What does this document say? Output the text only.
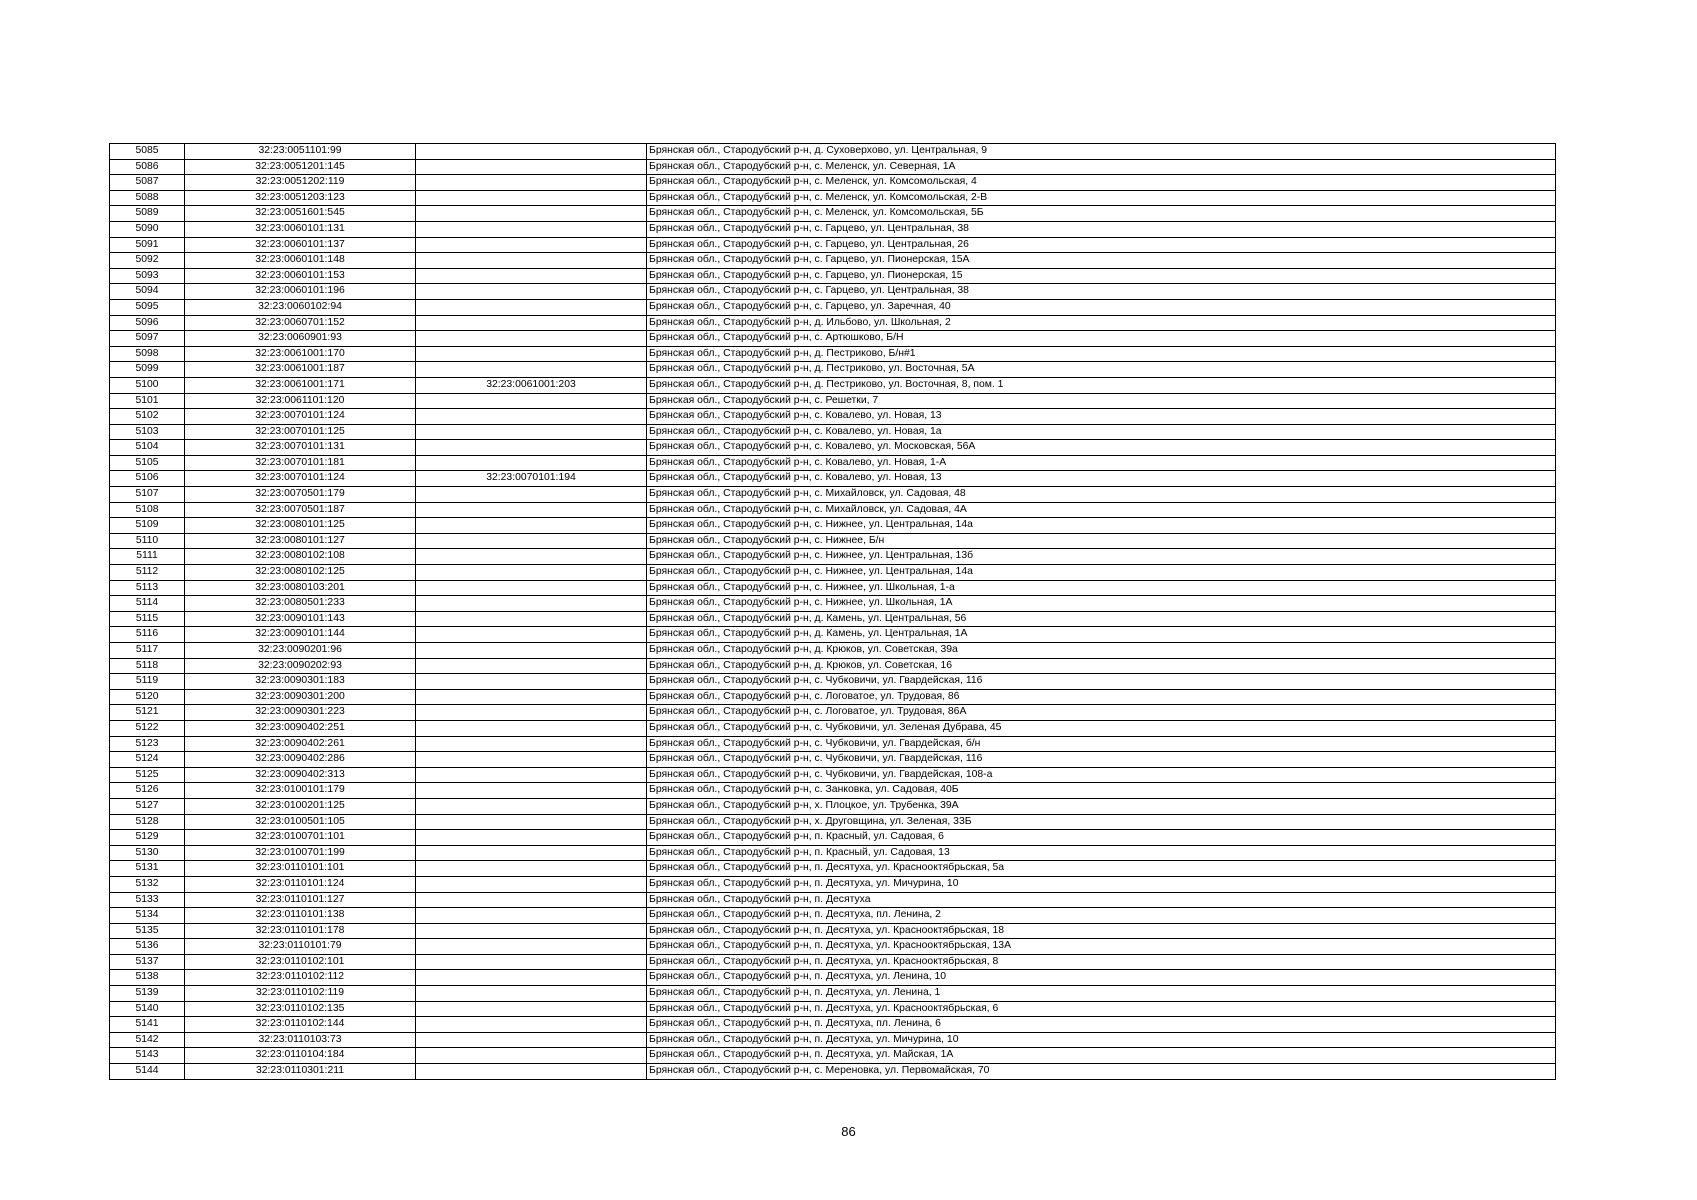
5085	32:23:0051101:99		Брянская обл., Стародубский р-н, д. Суховерхово, ул. Центральная, 9
5086	32:23:0051201:145		Брянская обл., Стародубский р-н, с. Меленск, ул. Северная, 1А
5087	32:23:0051202:119		Брянская обл., Стародубский р-н, с. Меленск, ул. Комсомольская, 4
5088	32:23:0051203:123		Брянская обл., Стародубский р-н, с. Меленск, ул. Комсомольская, 2-В
5089	32:23:0051601:545		Брянская обл., Стародубский р-н, с. Меленск, ул. Комсомольская, 5Б
5090	32:23:0060101:131		Брянская обл., Стародубский р-н, с. Гарцево, ул. Центральная, 38
5091	32:23:0060101:137		Брянская обл., Стародубский р-н, с. Гарцево, ул. Центральная, 26
5092	32:23:0060101:148		Брянская обл., Стародубский р-н, с. Гарцево, ул. Пионерская, 15А
5093	32:23:0060101:153		Брянская обл., Стародубский р-н, с. Гарцево, ул. Пионерская, 15
5094	32:23:0060101:196		Брянская обл., Стародубский р-н, с. Гарцево, ул. Центральная, 38
5095	32:23:0060102:94		Брянская обл., Стародубский р-н, с. Гарцево, ул. Заречная, 40
5096	32:23:0060701:152		Брянская обл., Стародубский р-н, д. Ильбово, ул. Школьная, 2
5097	32:23:0060901:93		Брянская обл., Стародубский р-н, с. Артюшково, Б/Н
5098	32:23:0061001:170		Брянская обл., Стародубский р-н, д. Пестриково, Б/н#1
5099	32:23:0061001:187		Брянская обл., Стародубский р-н, д. Пестриково, ул. Восточная, 5А
5100	32:23:0061001:171	32:23:0061001:203	Брянская обл., Стародубский р-н, д. Пестриково, ул. Восточная, 8, пом. 1
5101	32:23:0061101:120		Брянская обл., Стародубский р-н, с. Решетки, 7
5102	32:23:0070101:124		Брянская обл., Стародубский р-н, с. Ковалево, ул. Новая, 13
5103	32:23:0070101:125		Брянская обл., Стародубский р-н, с. Ковалево, ул. Новая, 1а
5104	32:23:0070101:131		Брянская обл., Стародубский р-н, с. Ковалево, ул. Московская, 56А
5105	32:23:0070101:181		Брянская обл., Стародубский р-н, с. Ковалево, ул. Новая, 1-А
5106	32:23:0070101:124	32:23:0070101:194	Брянская обл., Стародубский р-н, с. Ковалево, ул. Новая, 13
5107	32:23:0070501:179		Брянская обл., Стародубский р-н, с. Михайловск, ул. Садовая, 48
5108	32:23:0070501:187		Брянская обл., Стародубский р-н, с. Михайловск, ул. Садовая, 4А
5109	32:23:0080101:125		Брянская обл., Стародубский р-н, с. Нижнее, ул. Центральная, 14а
5110	32:23:0080101:127		Брянская обл., Стародубский р-н, с. Нижнее, Б/н
5111	32:23:0080102:108		Брянская обл., Стародубский р-н, с. Нижнее, ул. Центральная, 13б
5112	32:23:0080102:125		Брянская обл., Стародубский р-н, с. Нижнее, ул. Центральная, 14а
5113	32:23:0080103:201		Брянская обл., Стародубский р-н, с. Нижнее, ул. Школьная, 1-а
5114	32:23:0080501:233		Брянская обл., Стародубский р-н, с. Нижнее, ул. Школьная, 1А
5115	32:23:0090101:143		Брянская обл., Стародубский р-н, д. Камень, ул. Центральная, 56
5116	32:23:0090101:144		Брянская обл., Стародубский р-н, д. Камень, ул. Центральная, 1А
5117	32:23:0090201:96		Брянская обл., Стародубский р-н, д. Крюков, ул. Советская, 39а
5118	32:23:0090202:93		Брянская обл., Стародубский р-н, д. Крюков, ул. Советская, 16
5119	32:23:0090301:183		Брянская обл., Стародубский р-н, с. Чубковичи, ул. Гвардейская, 116
5120	32:23:0090301:200		Брянская обл., Стародубский р-н, с. Логоватое, ул. Трудовая, 86
5121	32:23:0090301:223		Брянская обл., Стародубский р-н, с. Логоватое, ул. Трудовая, 86А
5122	32:23:0090402:251		Брянская обл., Стародубский р-н, с. Чубковичи, ул. Зеленая Дубрава, 45
5123	32:23:0090402:261		Брянская обл., Стародубский р-н, с. Чубковичи, ул. Гвардейская, б/н
5124	32:23:0090402:286		Брянская обл., Стародубский р-н, с. Чубковичи, ул. Гвардейская, 116
5125	32:23:0090402:313		Брянская обл., Стародубский р-н, с. Чубковичи, ул. Гвардейская, 108-а
5126	32:23:0100101:179		Брянская обл., Стародубский р-н, с. Занковка, ул. Садовая, 40Б
5127	32:23:0100201:125		Брянская обл., Стародубский р-н, х. Плоцкое, ул. Трубенка, 39А
5128	32:23:0100501:105		Брянская обл., Стародубский р-н, х. Друговщина, ул. Зеленая, 33Б
5129	32:23:0100701:101		Брянская обл., Стародубский р-н, п. Красный, ул. Садовая, 6
5130	32:23:0100701:199		Брянская обл., Стародубский р-н, п. Красный, ул. Садовая, 13
5131	32:23:0110101:101		Брянская обл., Стародубский р-н, п. Десятуха, ул. Краснооктябрьская, 5а
5132	32:23:0110101:124		Брянская обл., Стародубский р-н, п. Десятуха, ул. Мичурина, 10
5133	32:23:0110101:127		Брянская обл., Стародубский р-н, п. Десятуха
5134	32:23:0110101:138		Брянская обл., Стародубский р-н, п. Десятуха, пл. Ленина, 2
5135	32:23:0110101:178		Брянская обл., Стародубский р-н, п. Десятуха, ул. Краснооктябрьская, 18
5136	32:23:0110101:79		Брянская обл., Стародубский р-н, п. Десятуха, ул. Краснооктябрьская, 13А
5137	32:23:0110102:101		Брянская обл., Стародубский р-н, п. Десятуха, ул. Краснооктябрьская, 8
5138	32:23:0110102:112		Брянская обл., Стародубский р-н, п. Десятуха, ул. Ленина, 10
5139	32:23:0110102:119		Брянская обл., Стародубский р-н, п. Десятуха, ул. Ленина, 1
5140	32:23:0110102:135		Брянская обл., Стародубский р-н, п. Десятуха, ул. Краснооктябрьская, 6
5141	32:23:0110102:144		Брянская обл., Стародубский р-н, п. Десятуха, пл. Ленина, 6
5142	32:23:0110103:73		Брянская обл., Стародубский р-н, п. Десятуха, ул. Мичурина, 10
5143	32:23:0110104:184		Брянская обл., Стародубский р-н, п. Десятуха, ул. Майская, 1А
5144	32:23:0110301:211		Брянская обл., Стародубский р-н, с. Мереновка, ул. Первомайская, 70
86
